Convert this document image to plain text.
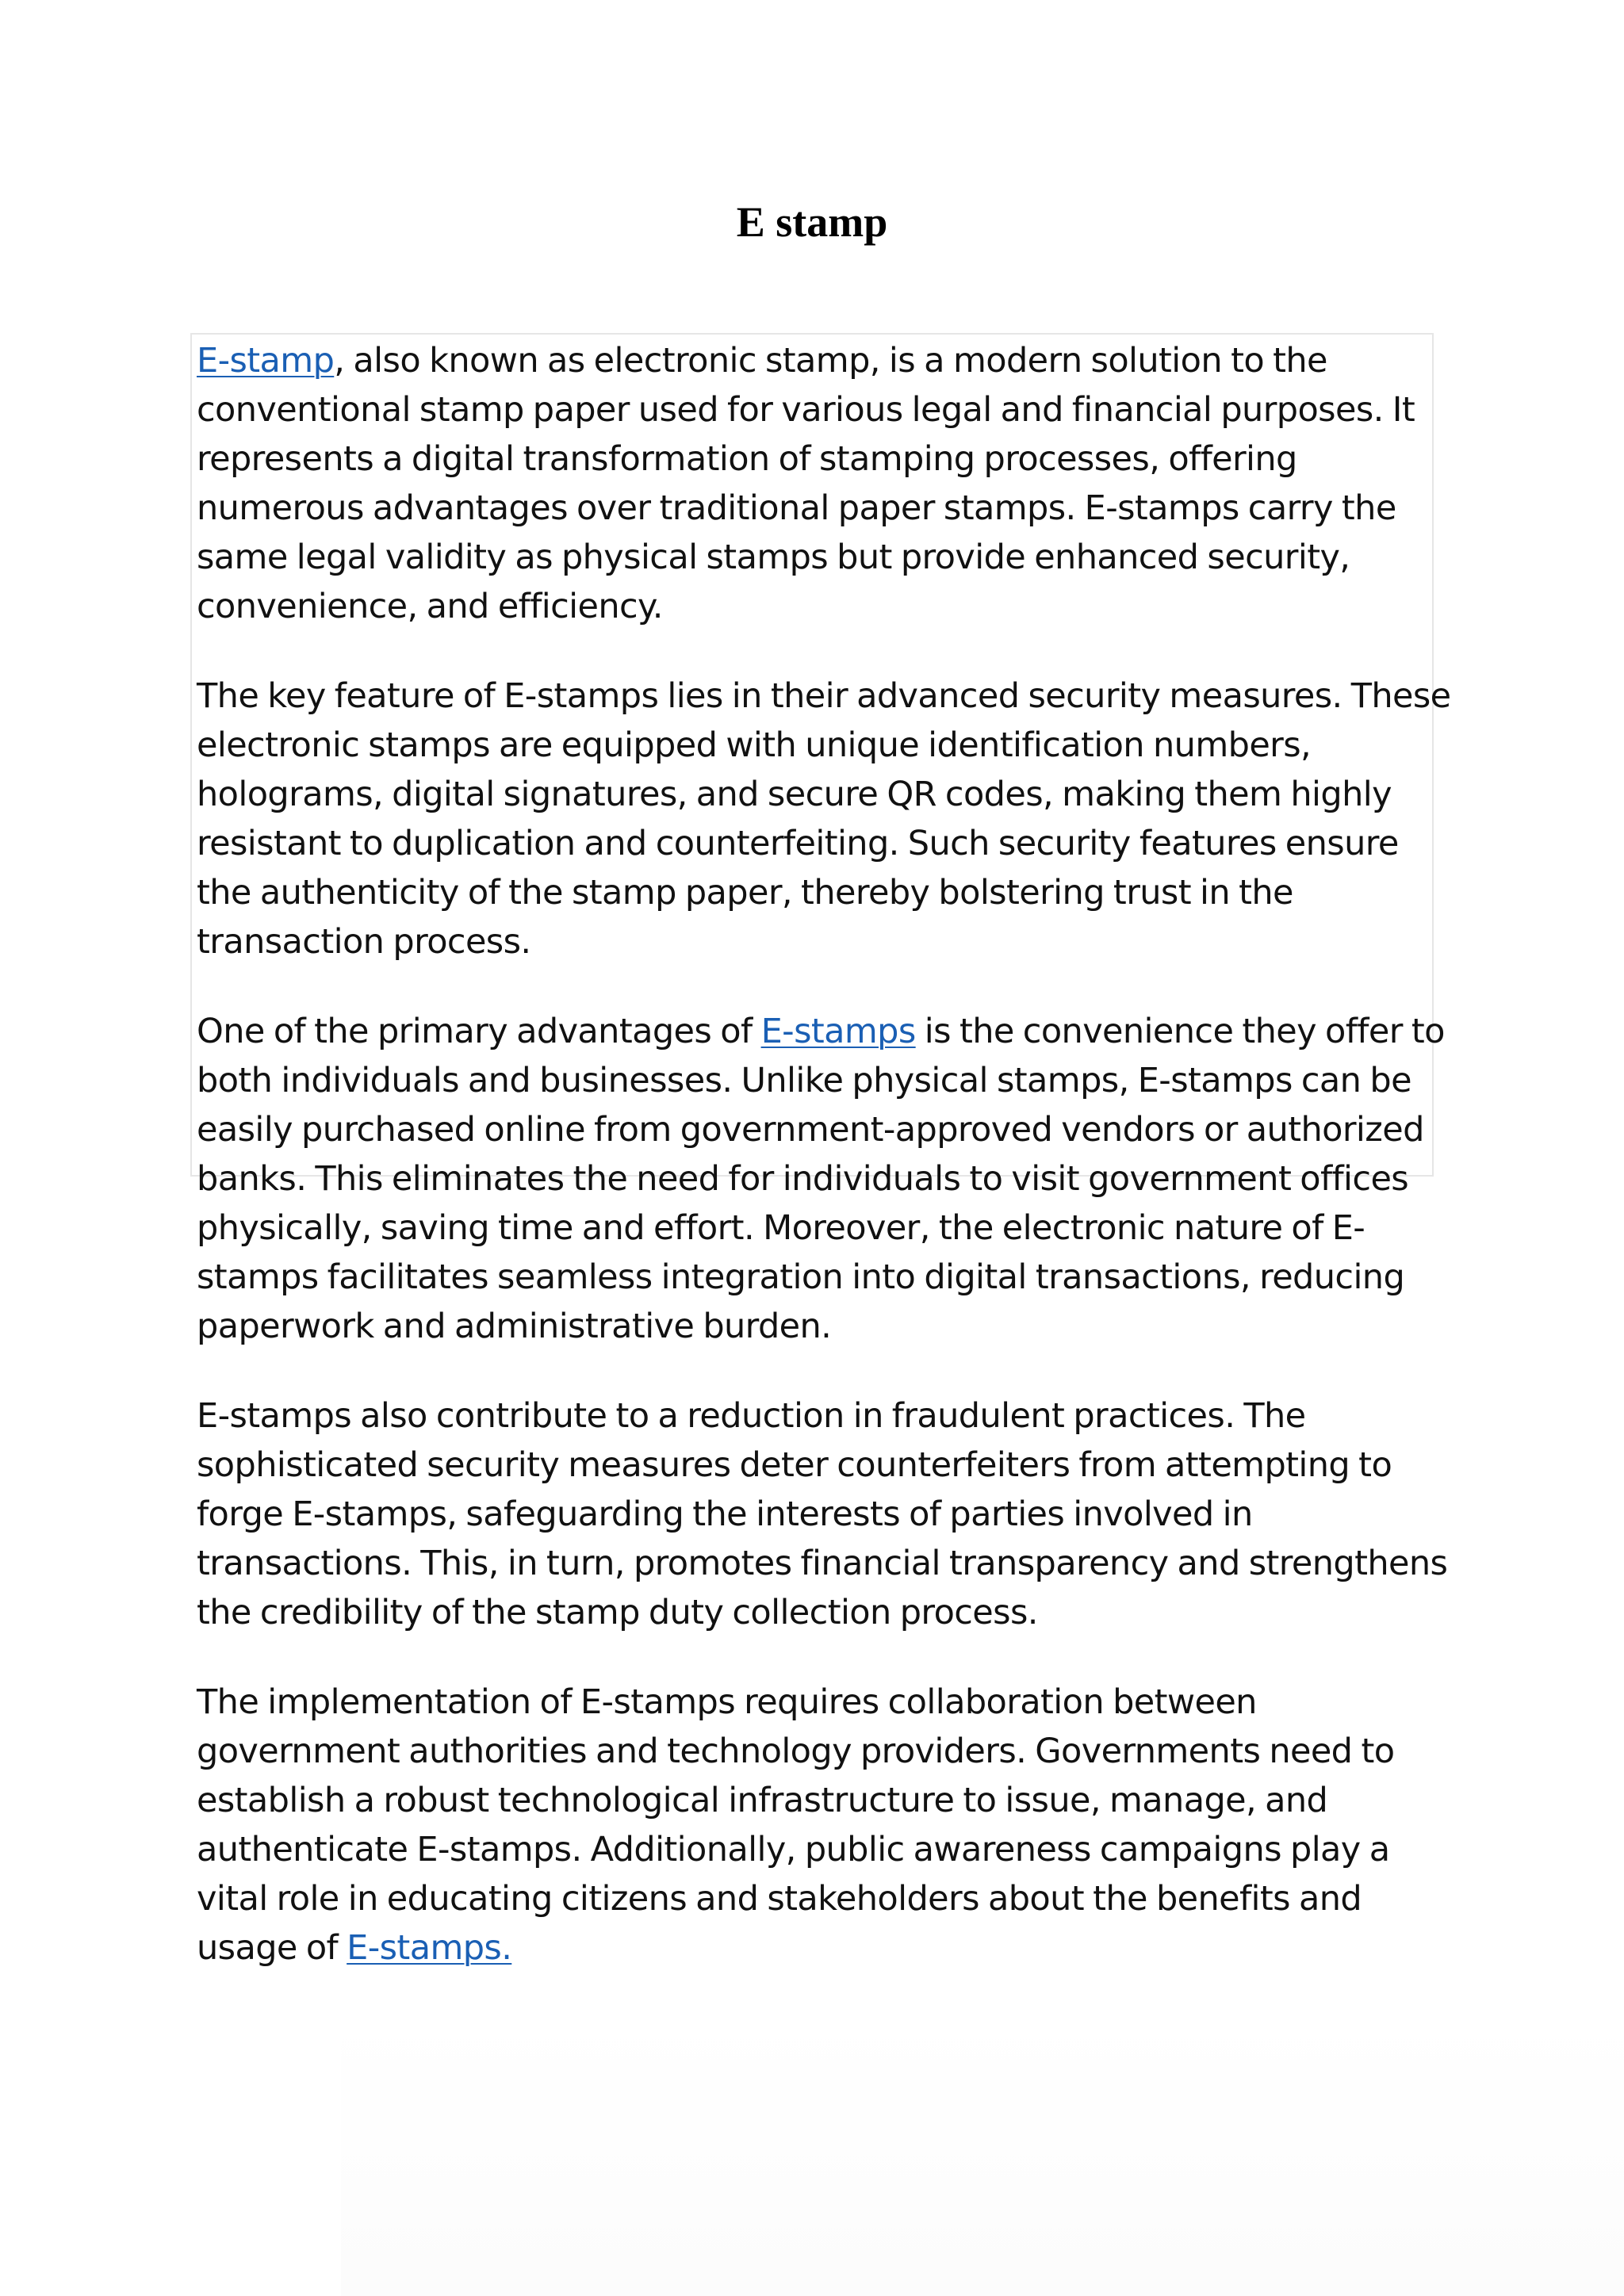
E stamp

E-stamp, also known as electronic stamp, is a modern solution to the
conventional stamp paper used for various legal and financial purposes. It
represents a digital transformation of stamping processes, offering
numerous advantages over traditional paper stamps. E-stamps carry the
same legal validity as physical stamps but provide enhanced security,
convenience, and efficiency.

The key feature of E-stamps lies in their advanced security measures. These
electronic stamps are equipped with unique identification numbers,
holograms, digital signatures, and secure QR codes, making them highly
resistant to duplication and counterfeiting. Such security features ensure
the authenticity of the stamp paper, thereby bolstering trust in the
transaction process.

One of the primary advantages of E-stamps is the convenience they offer to
both individuals and businesses. Unlike physical stamps, E-stamps can be
easily purchased online from government-approved vendors or authorized
banks. This eliminates the need for individuals to visit government offices
physically, saving time and effort. Moreover, the electronic nature of E-
stamps facilitates seamless integration into digital transactions, reducing
paperwork and administrative burden.

E-stamps also contribute to a reduction in fraudulent practices. The
sophisticated security measures deter counterfeiters from attempting to
forge E-stamps, safeguarding the interests of parties involved in
transactions. This, in turn, promotes financial transparency and strengthens
the credibility of the stamp duty collection process.

The implementation of E-stamps requires collaboration between
government authorities and technology providers. Governments need to
establish a robust technological infrastructure to issue, manage, and
authenticate E-stamps. Additionally, public awareness campaigns play a
vital role in educating citizens and stakeholders about the benefits and
usage of E-stamps.
